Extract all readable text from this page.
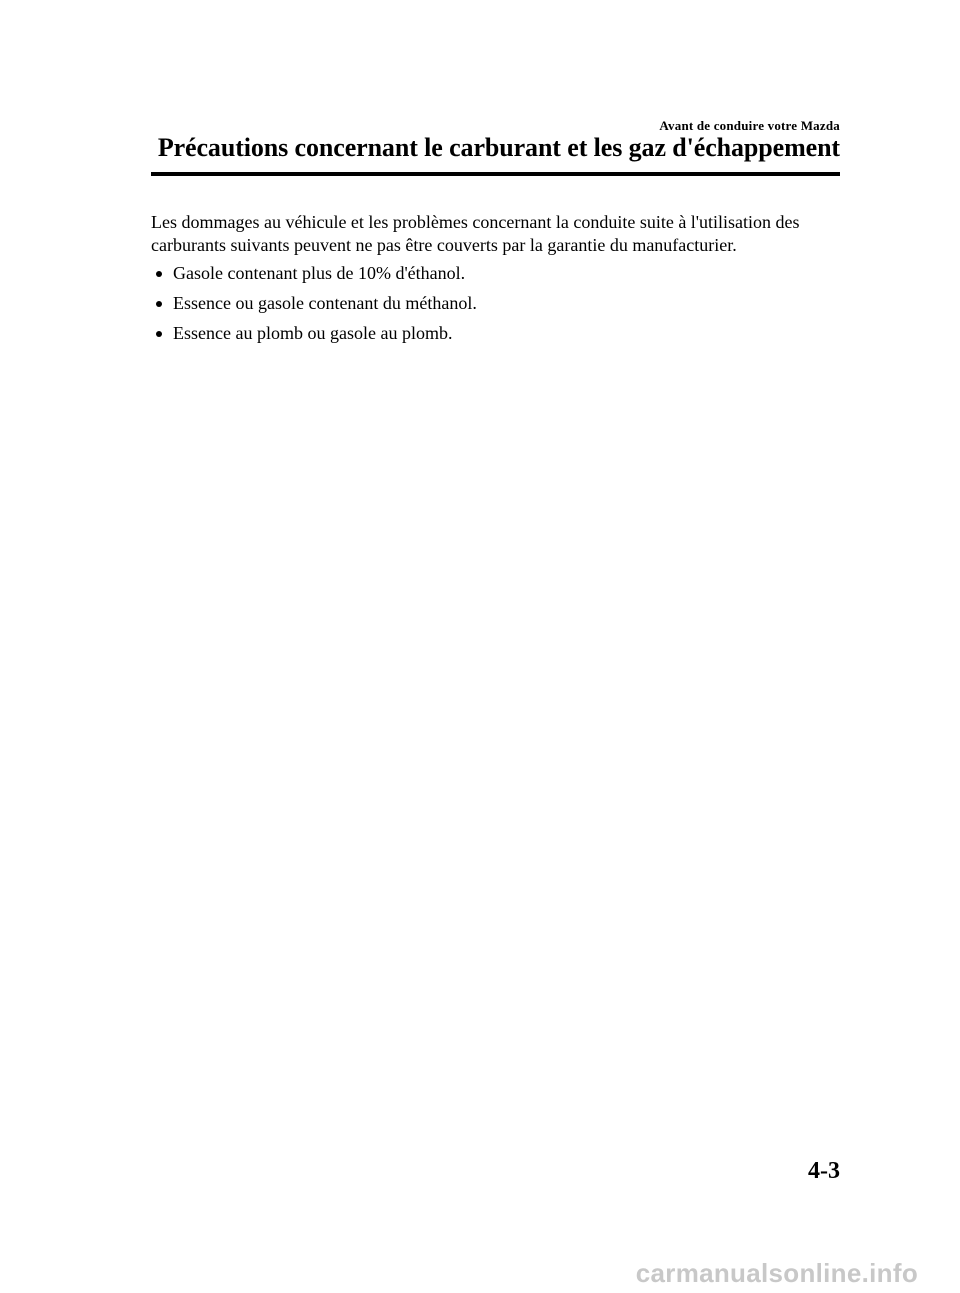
Avant de conduire votre Mazda
Précautions concernant le carburant et les gaz d'échappement

Les dommages au véhicule et les problèmes concernant la conduite suite à l'utilisation des carburants suivants peuvent ne pas être couverts par la garantie du manufacturier.

Gasole contenant plus de 10% d'éthanol.
Essence ou gasole contenant du méthanol.
Essence au plomb ou gasole au plomb.
4-3
carmanualsonline.info
